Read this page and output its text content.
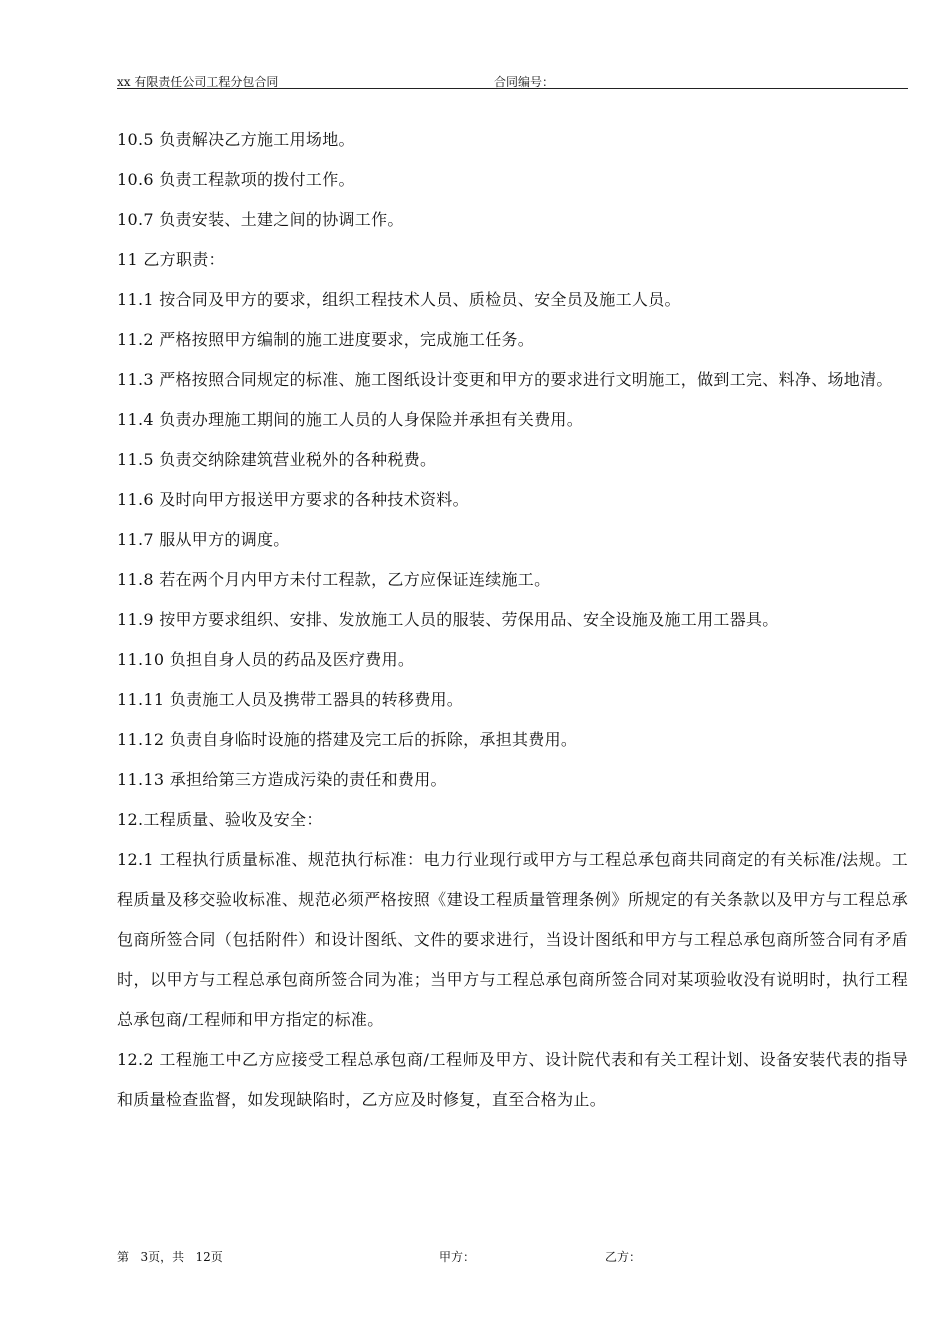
xx 有限责任公司工程分包合同	合同编号：

10.5 负责解决乙方施工用场地。

10.6 负责工程款项的拨付工作。

10.7 负责安装、土建之间的协调工作。

11 乙方职责：

11.1 按合同及甲方的要求，组织工程技术人员、质检员、安全员及施工人员。

11.2 严格按照甲方编制的施工进度要求，完成施工任务。

11.3 严格按照合同规定的标准、施工图纸设计变更和甲方的要求进行文明施工，做到工完、料净、场地清。

11.4 负责办理施工期间的施工人员的人身保险并承担有关费用。

11.5 负责交纳除建筑营业税外的各种税费。

11.6 及时向甲方报送甲方要求的各种技术资料。

11.7 服从甲方的调度。

11.8 若在两个月内甲方未付工程款，乙方应保证连续施工。

11.9 按甲方要求组织、安排、发放施工人员的服装、劳保用品、安全设施及施工用工器具。

11.10 负担自身人员的药品及医疗费用。

11.11 负责施工人员及携带工器具的转移费用。

11.12 负责自身临时设施的搭建及完工后的拆除，承担其费用。

11.13 承担给第三方造成污染的责任和费用。

12.工程质量、验收及安全：

12.1 工程执行质量标准、规范执行标准：电力行业现行或甲方与工程总承包商共同商定的有关标准/法规。工程质量及移交验收标准、规范必须严格按照《建设工程质量管理条例》所规定的有关条款以及甲方与工程总承包商所签合同（包括附件）和设计图纸、文件的要求进行，当设计图纸和甲方与工程总承包商所签合同有矛盾时，以甲方与工程总承包商所签合同为准；当甲方与工程总承包商所签合同对某项验收没有说明时，执行工程总承包商/工程师和甲方指定的标准。

12.2 工程施工中乙方应接受工程总承包商/工程师及甲方、设计院代表和有关工程计划、设备安装代表的指导和质量检查监督，如发现缺陷时，乙方应及时修复，直至合格为止。

第   3页，共   12页	甲方：	乙方：
